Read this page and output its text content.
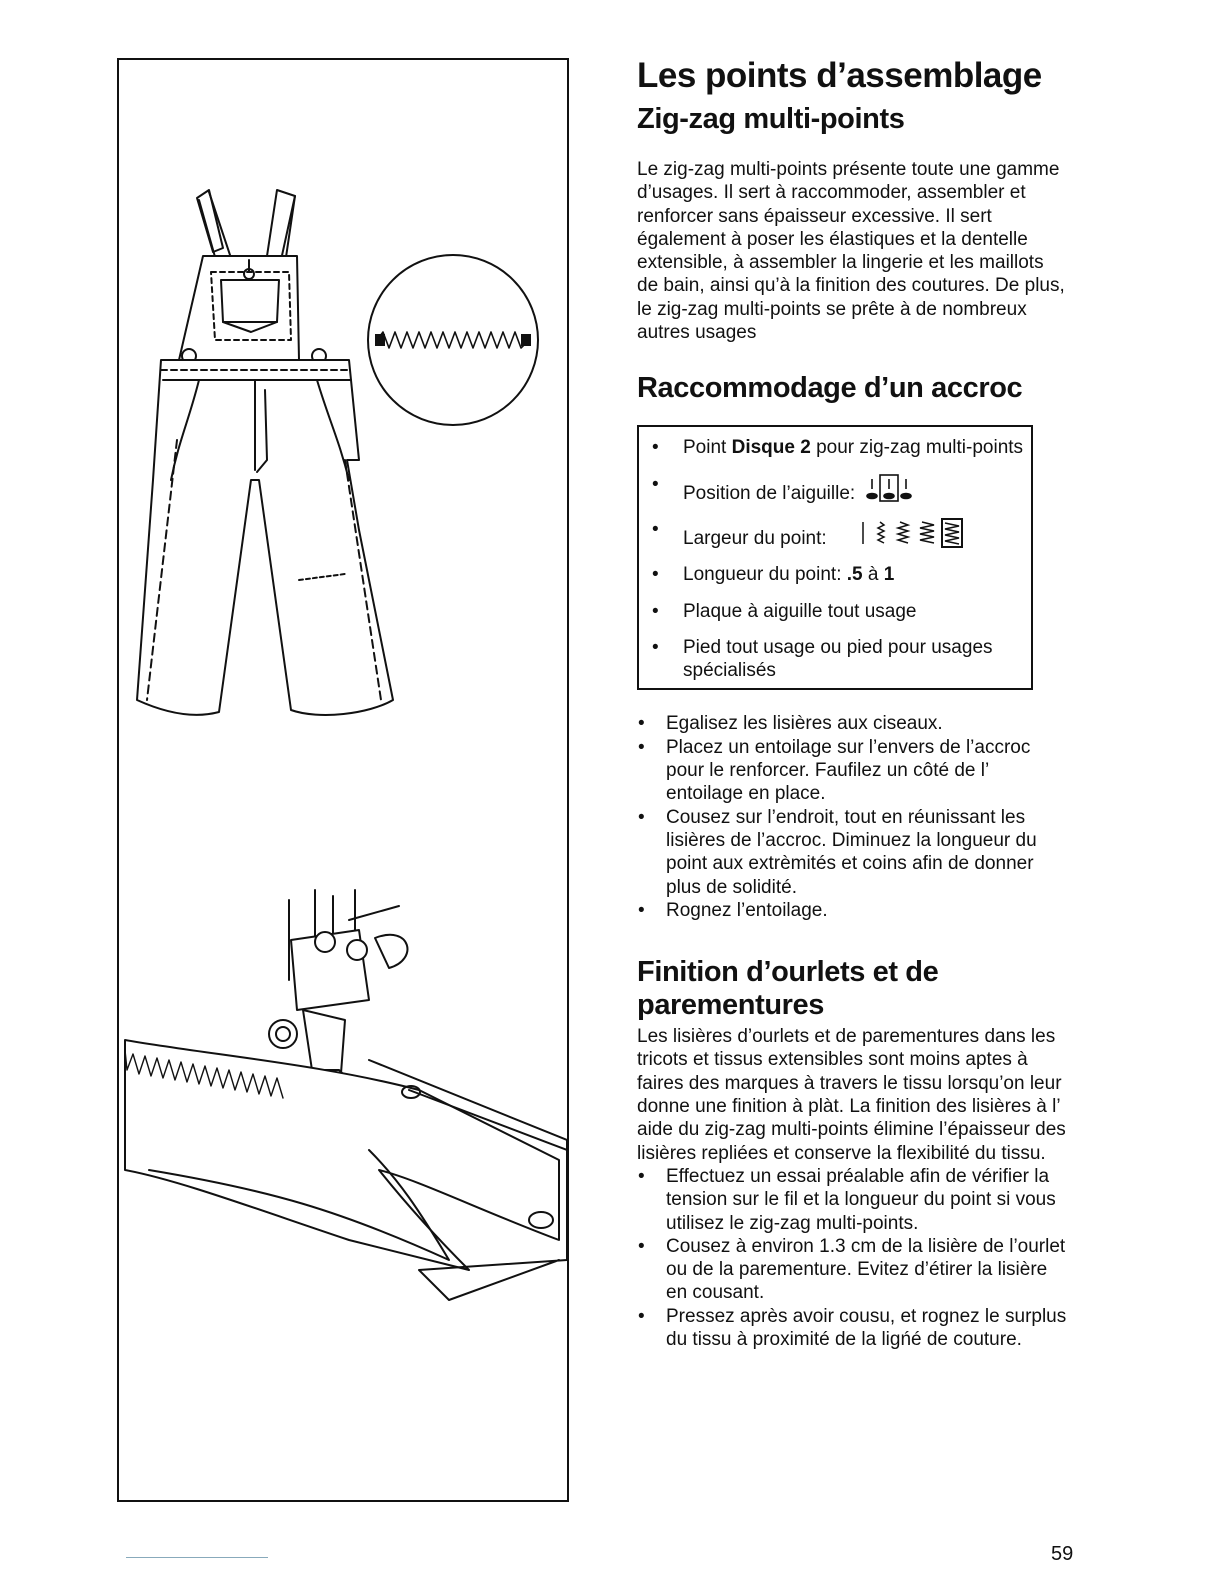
Les points d’assemblage
Zig-zag multi-points

Le zig-zag multi-points présente toute une gamme d’usages. Il sert à raccommoder, assembler et renforcer sans épaisseur excessive. Il sert également à poser les élastiques et la dentelle extensible, à assembler la lingerie et les maillots de bain, ainsi qu’à la finition des coutures. De plus, le zig-zag multi-points se prête à de nombreux autres usages

Raccommodage d’un accroc
• Point Disque 2 pour zig-zag multi-points
• Position de l’aiguille:
• Largeur du point:
• Longueur du point: .5 à 1
• Plaque à aiguille tout usage
• Pied tout usage ou pied pour usages spécialisés
• Egalisez les lisières aux ciseaux.
• Placez un entoilage sur l’envers de l’accroc pour le renforcer. Faufilez un côté de l’ entoilage en place.
• Cousez sur l’endroit, tout en réunissant les lisières de l’accroc. Diminuez la longueur du point aux extrèmités et coins afin de donner plus de solidité.
• Rognez l’entoilage.
Finition d’ourlets et de parementures

Les lisières d’ourlets et de parementures dans les tricots et tissus extensibles sont moins aptes à faires des marques à travers le tissu lorsqu’on leur donne une finition à plàt. La finition des lisières à l’ aide du zig-zag multi-points élimine l’épaisseur des lisières repliées et conserve la flexibilité du tissu.

• Effectuez un essai préalable afin de vérifier la tension sur le fil et la longueur du point si vous utilisez le zig-zag multi-points.
• Cousez à environ 1.3 cm de la lisière de l’ourlet ou de la parementure. Evitez d’étirer la lisière en cousant.
• Pressez après avoir cousu, et rognez le surplus du tissu à proximité de la ligńé de couture.
59
